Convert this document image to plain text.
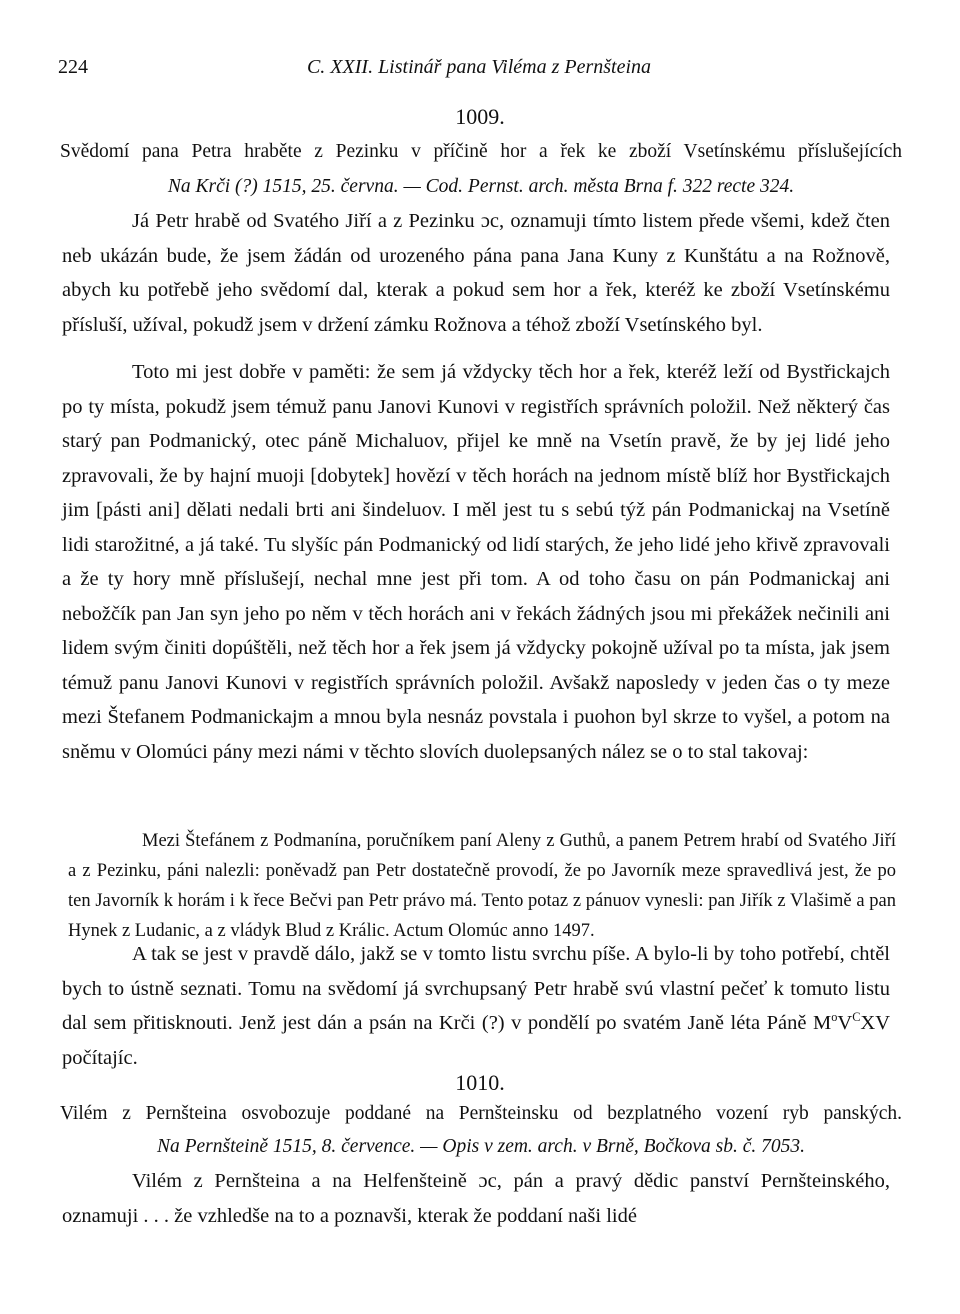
224	C. XXII. Listinář pana Viléma z Pernšteina
1009.
Svědomí pana Petra hraběte z Pezinku v příčině hor a řek ke zboží Vsetínskému příslušejících
Na Krči (?) 1515, 25. června. — Cod. Pernst. arch. města Brna f. 322 recte 324.

Já Petr hrabě od Svatého Jiří a z Pezinku ɔc, oznamuji tímto listem přede všemi, kdež čten neb ukázán bude, že jsem žádán od urozeného pána pana Jana Kuny z Kunštátu a na Rožnově, abych ku potřebě jeho svědomí dal, kterak a pokud sem hor a řek, kteréž ke zboží Vsetínskému přísluší, užíval, pokudž jsem v držení zámku Rožnova a téhož zboží Vsetínského byl.

Toto mi jest dobře v paměti: že sem já vždycky těch hor a řek, kteréž leží od Bystřickajch po ty místa, pokudž jsem témuž panu Janovi Kunovi v registřích správních položil. Než některý čas starý pan Podmanický, otec páně Michaluov, přijel ke mně na Vsetín pravě, že by jej lidé jeho zpravovali, že by hajní muoji [dobytek] hovězí v těch horách na jednom místě blíž hor Bystřickajch jim [pásti ani] dělati nedali brti ani šindeluov. I měl jest tu s sebú týž pán Podmanickaj na Vsetíně lidi starožitné, a já také. Tu slyšíc pán Podmanický od lidí starých, že jeho lidé jeho křivě zpravovali a že ty hory mně příslušejí, nechal mne jest při tom. A od toho času on pán Podmanickaj ani nebožčík pan Jan syn jeho po něm v těch horách ani v řekách žádných jsou mi překážek nečinili ani lidem svým činiti dopúštěli, než těch hor a řek jsem já vždycky pokojně užíval po ta místa, jak jsem témuž panu Janovi Kunovi v registřích správních položil. Avšakž naposledy v jeden čas o ty meze mezi Štefanem Podmanickajm a mnou byla nesnáz povstala i puohon byl skrze to vyšel, a potom na sněmu v Olomúci pány mezi námi v těchto slovích duolepsaných nález se o to stal takovaj:

Mezi Štefánem z Podmanína, poručníkem paní Aleny z Guthů, a panem Petrem hrabí od Svatého Jiří a z Pezinku, páni nalezli: poněvadž pan Petr dostatečně provodí, že po Javorník meze spravedlivá jest, že po ten Javorník k horám i k řece Bečvi pan Petr právo má. Tento potaz z pánuov vynesli: pan Jiřík z Vlašimě a pan Hynek z Ludanic, a z vládyk Blud z Králic. Actum Olomúc anno 1497.

A tak se jest v pravdě dálo, jakž se v tomto listu svrchu píše. A bylo-li by toho potřebí, chtěl bych to ústně seznati. Tomu na svědomí já svrchupsaný Petr hrabě svú vlastní pečeť k tomuto listu dal sem přitisknouti. Jenž jest dán a psán na Krči (?) v pondělí po svatém Janě léta Páně $M^oV^CXV$ počítajíc.

1010.
Vilém z Pernšteina osvobozuje poddané na Pernšteinsku od bezplatného vození ryb panských.
Na Pernšteině 1515, 8. července. — Opis v zem. arch. v Brně, Bočkova sb. č. 7053.

Vilém z Pernšteina a na Helfenšteině ɔc, pán a pravý dědic panství Pernšteinského, oznamuji . . . že vzhledše na to a poznavši, kterak že poddaní naši lidé
